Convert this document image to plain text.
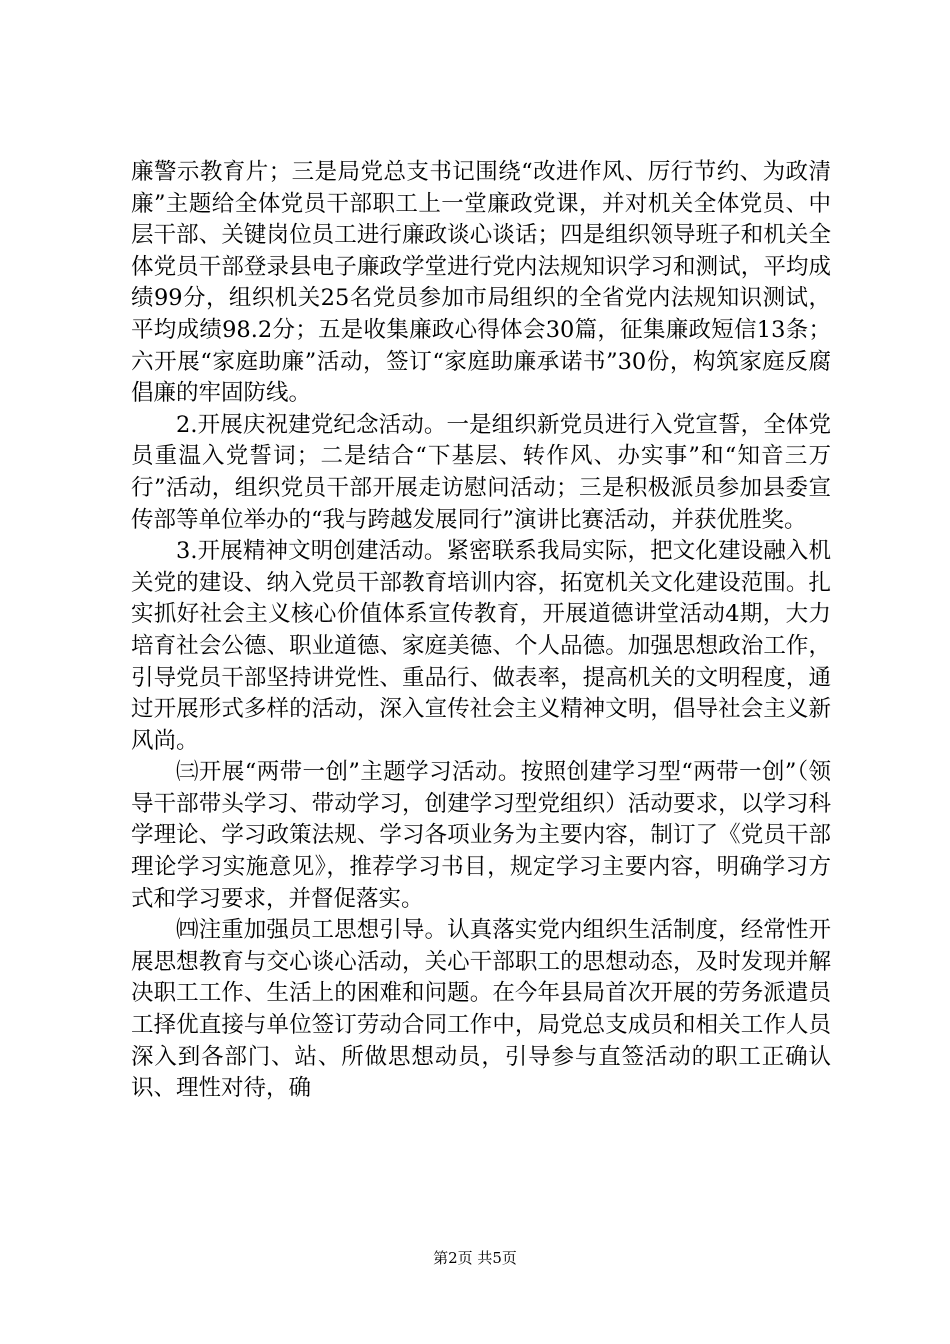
廉警示教育片；三是局党总支书记围绕“改进作风、厉行节约、为政清廉”主题给全体党员干部职工上一堂廉政党课，并对机关全体党员、中层干部、关键岗位员工进行廉政谈心谈话；四是组织领导班子和机关全体党员干部登录县电子廉政学堂进行党内法规知识学习和测试，平均成绩99分，组织机关25名党员参加市局组织的全省党内法规知识测试，平均成绩98.2分；五是收集廉政心得体会30篇，征集廉政短信13条；六开展“家庭助廉”活动，签订“家庭助廉承诺书”30份，构筑家庭反腐倡廉的牢固防线。

2.开展庆祝建党纪念活动。一是组织新党员进行入党宣誓，全体党员重温入党誓词；二是结合“下基层、转作风、办实事”和“知音三万行”活动，组织党员干部开展走访慰问活动；三是积极派员参加县委宣传部等单位举办的“我与跨越发展同行”演讲比赛活动，并获优胜奖。

3.开展精神文明创建活动。紧密联系我局实际，把文化建设融入机关党的建设、纳入党员干部教育培训内容，拓宽机关文化建设范围。扎实抓好社会主义核心价值体系宣传教育，开展道德讲堂活动4期，大力培育社会公德、职业道德、家庭美德、个人品德。加强思想政治工作，引导党员干部坚持讲党性、重品行、做表率，提高机关的文明程度，通过开展形式多样的活动，深入宣传社会主义精神文明，倡导社会主义新风尚。

㈢开展“两带一创”主题学习活动。按照创建学习型“两带一创”（领导干部带头学习、带动学习，创建学习型党组织）活动要求，以学习科学理论、学习政策法规、学习各项业务为主要内容，制订了《党员干部理论学习实施意见》，推荐学习书目，规定学习主要内容，明确学习方式和学习要求，并督促落实。

㈣注重加强员工思想引导。认真落实党内组织生活制度，经常性开展思想教育与交心谈心活动，关心干部职工的思想动态，及时发现并解决职工工作、生活上的困难和问题。在今年县局首次开展的劳务派遣员工择优直接与单位签订劳动合同工作中，局党总支成员和相关工作人员深入到各部门、站、所做思想动员，引导参与直签活动的职工正确认识、理性对待，确

第2页 共5页
